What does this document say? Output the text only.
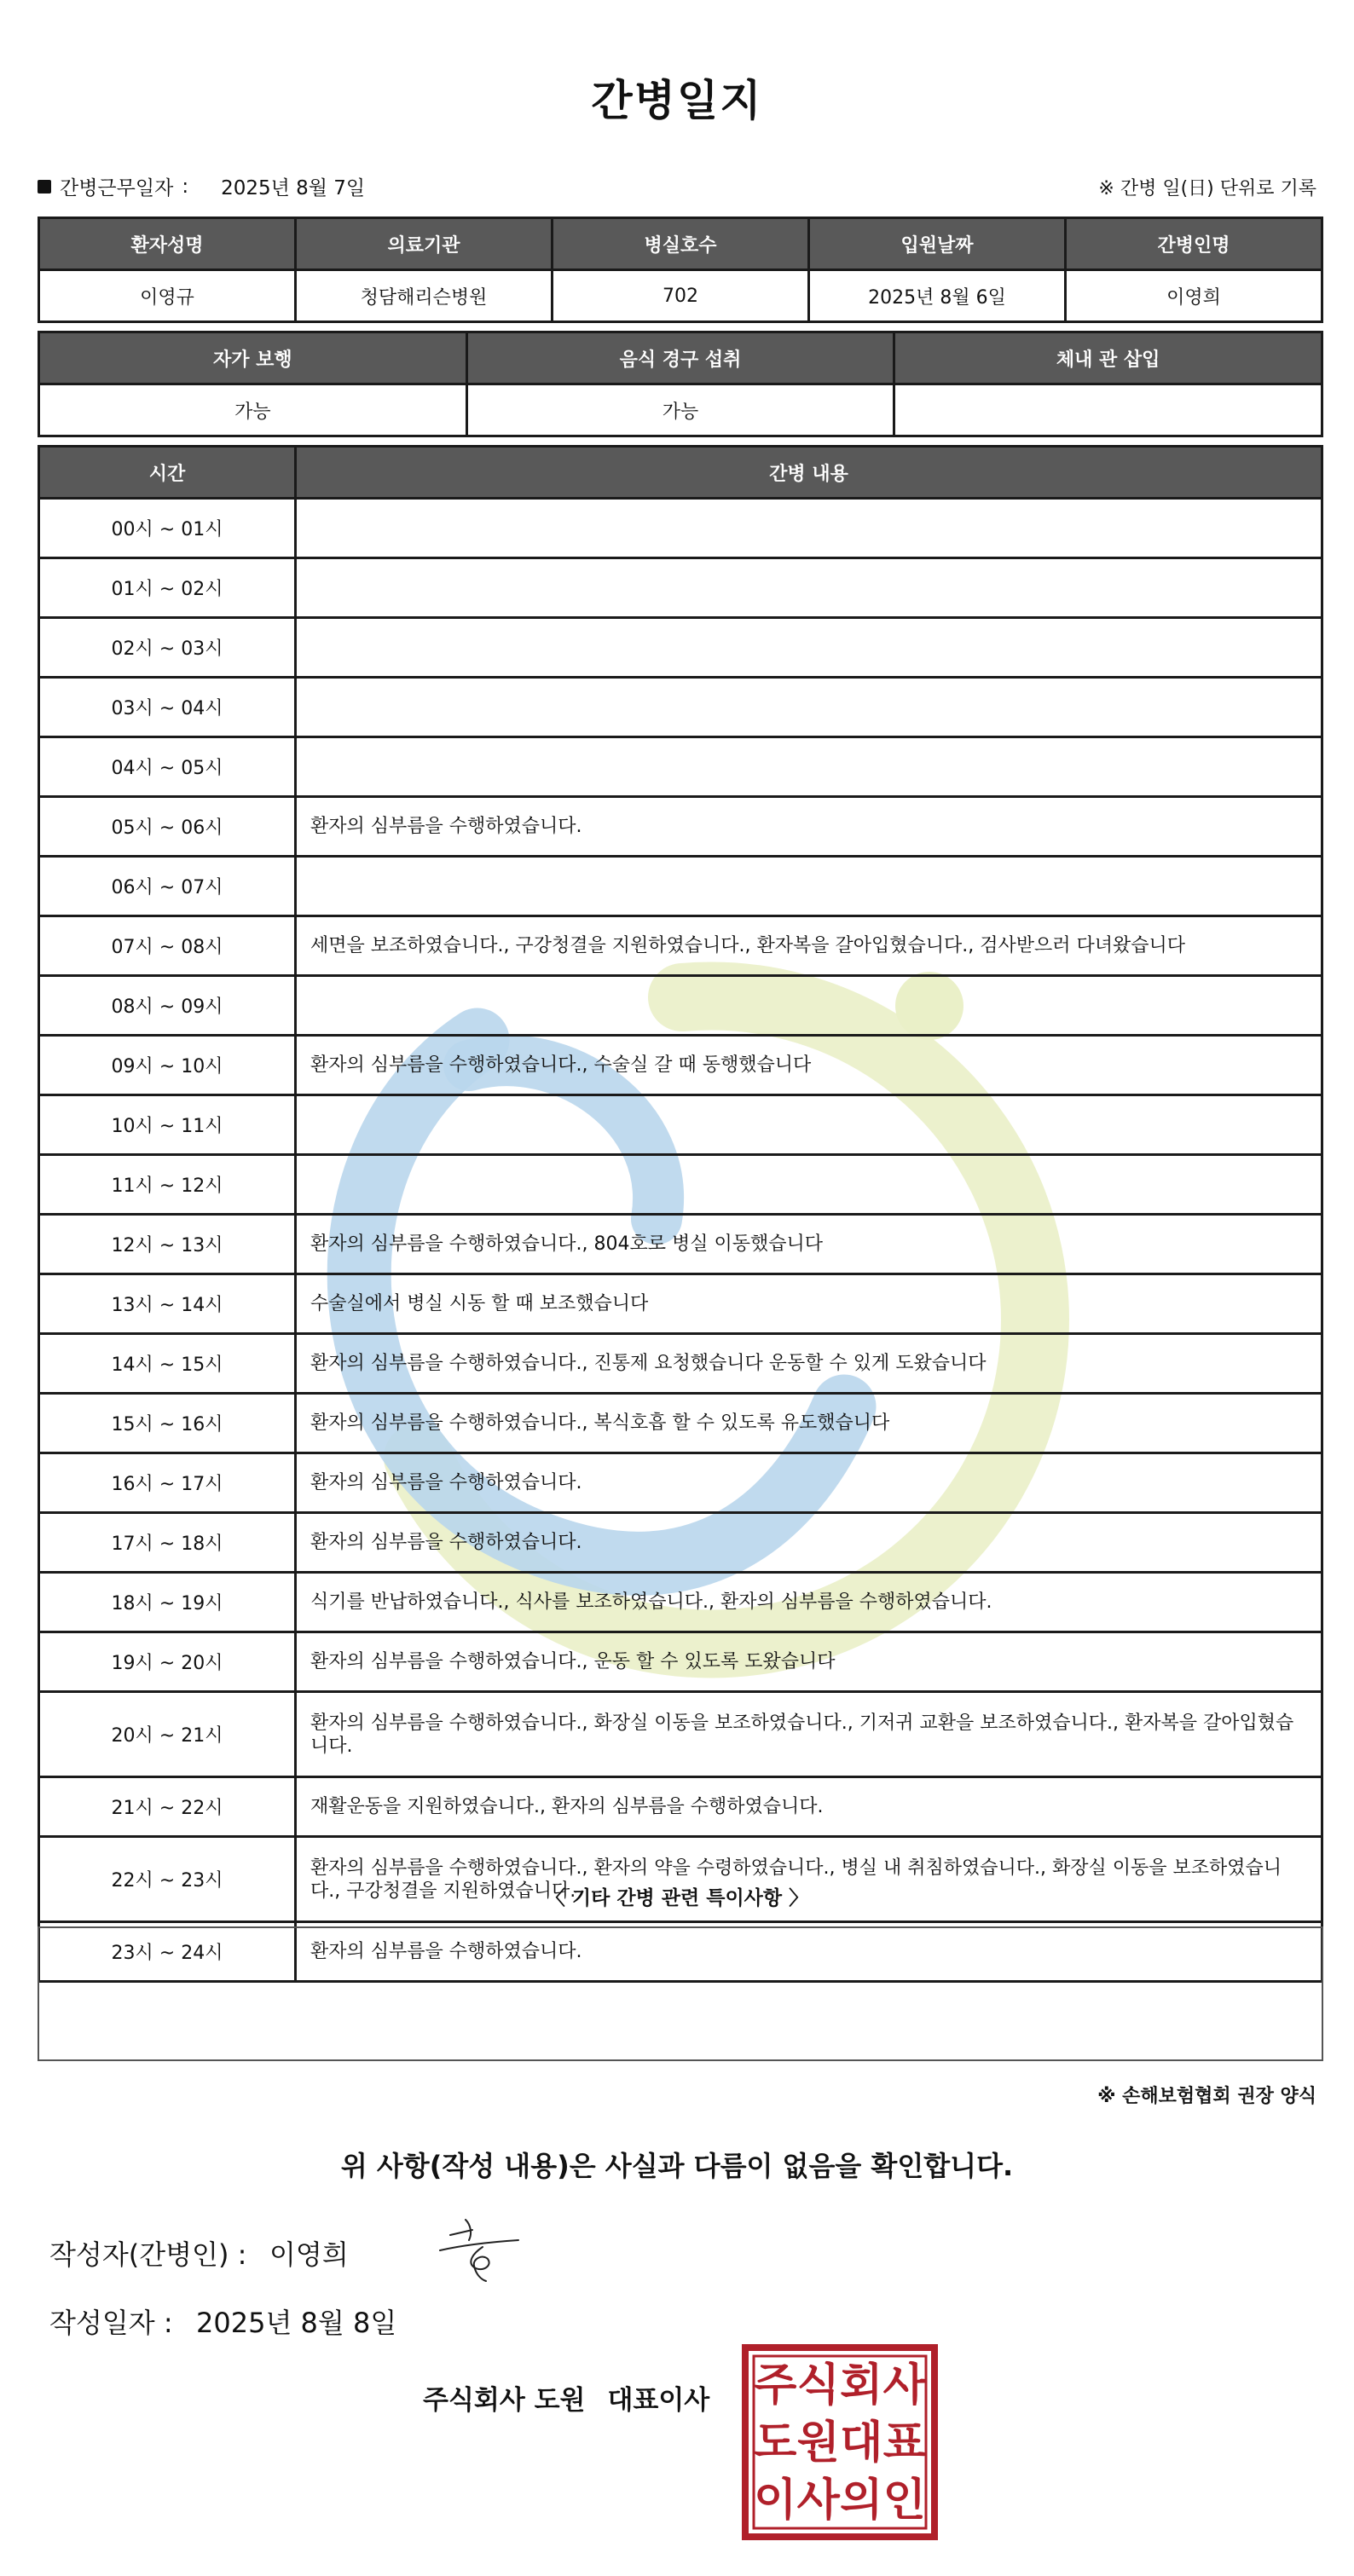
간병일지
간병근무일자 : 2025년 8월 7일	※ 간병 일(日) 단위로 기록
환자성명	의료기관	병실호수	입원날짜	간병인명
이영규	청담해리슨병원	702	2025년 8월 6일	이영희
자가 보행	음식 경구 섭취	체내 관 삽입
가능	가능	
시간	간병 내용
00시 ~ 01시	
01시 ~ 02시	
02시 ~ 03시	
03시 ~ 04시	
04시 ~ 05시	
05시 ~ 06시	환자의 심부름을 수행하였습니다.
06시 ~ 07시	
07시 ~ 08시	세면을 보조하였습니다., 구강청결을 지원하였습니다., 환자복을 갈아입혔습니다., 검사받으러 다녀왔습니다
08시 ~ 09시	
09시 ~ 10시	환자의 심부름을 수행하였습니다., 수술실 갈 때 동행했습니다
10시 ~ 11시	
11시 ~ 12시	
12시 ~ 13시	환자의 심부름을 수행하였습니다., 804호로 병실 이동했습니다
13시 ~ 14시	수술실에서 병실 시동 할 때 보조했습니다
14시 ~ 15시	환자의 심부름을 수행하였습니다., 진통제 요청했습니다 운동할 수 있게 도왔습니다
15시 ~ 16시	환자의 심부름을 수행하였습니다., 복식호흡 할 수 있도록 유도했습니다
16시 ~ 17시	환자의 심부름을 수행하였습니다.
17시 ~ 18시	환자의 심부름을 수행하였습니다.
18시 ~ 19시	식기를 반납하였습니다., 식사를 보조하였습니다., 환자의 심부름을 수행하였습니다.
19시 ~ 20시	환자의 심부름을 수행하였습니다., 운동 할 수 있도록 도왔습니다
20시 ~ 21시	환자의 심부름을 수행하였습니다., 화장실 이동을 보조하였습니다., 기저귀 교환을 보조하였습니다., 환자복을 갈아입혔습니다.
21시 ~ 22시	재활운동을 지원하였습니다., 환자의 심부름을 수행하였습니다.
22시 ~ 23시	환자의 심부름을 수행하였습니다., 환자의 약을 수령하였습니다., 병실 내 취침하였습니다., 화장실 이동을 보조하였습니다., 구강청결을 지원하였습니다.
23시 ~ 24시	환자의 심부름을 수행하였습니다.
〈 기타 간병 관련 특이사항 〉
※ 손해보험협회 권장 양식
위 사항(작성 내용)은 사실과 다름이 없음을 확인합니다.
작성자(간병인) : 이영희
작성일자 : 2025년 8월 8일
주식회사 도원 대표이사 주 식 회 사
도 원 대 표
이 사 의 인
